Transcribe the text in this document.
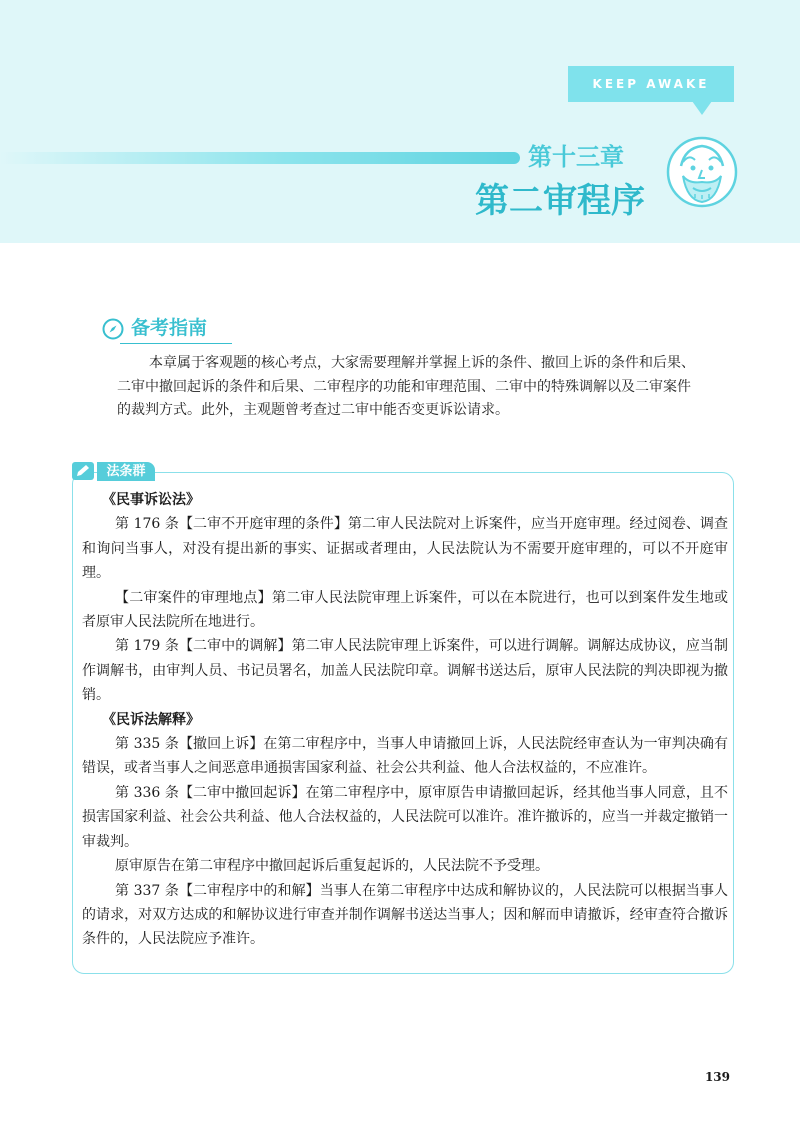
KEEP AWAKE
第十三章
第二审程序
备考指南

本章属于客观题的核心考点，大家需要理解并掌握上诉的条件、撤回上诉的条件和后果、二审中撤回起诉的条件和后果、二审程序的功能和审理范围、二审中的特殊调解以及二审案件的裁判方式。此外，主观题曾考查过二审中能否变更诉讼请求。

法条群

《民事诉讼法》

第 176 条【二审不开庭审理的条件】第二审人民法院对上诉案件，应当开庭审理。经过阅卷、调查和询问当事人，对没有提出新的事实、证据或者理由，人民法院认为不需要开庭审理的，可以不开庭审理。

【二审案件的审理地点】第二审人民法院审理上诉案件，可以在本院进行，也可以到案件发生地或者原审人民法院所在地进行。

第 179 条【二审中的调解】第二审人民法院审理上诉案件，可以进行调解。调解达成协议，应当制作调解书，由审判人员、书记员署名，加盖人民法院印章。调解书送达后，原审人民法院的判决即视为撤销。

《民诉法解释》

第 335 条【撤回上诉】在第二审程序中，当事人申请撤回上诉，人民法院经审查认为一审判决确有错误，或者当事人之间恶意串通损害国家利益、社会公共利益、他人合法权益的，不应准许。

第 336 条【二审中撤回起诉】在第二审程序中，原审原告申请撤回起诉，经其他当事人同意，且不损害国家利益、社会公共利益、他人合法权益的，人民法院可以准许。准许撤诉的，应当一并裁定撤销一审裁判。

原审原告在第二审程序中撤回起诉后重复起诉的，人民法院不予受理。

第 337 条【二审程序中的和解】当事人在第二审程序中达成和解协议的，人民法院可以根据当事人的请求，对双方达成的和解协议进行审查并制作调解书送达当事人；因和解而申请撤诉，经审查符合撤诉条件的，人民法院应予准许。

139
